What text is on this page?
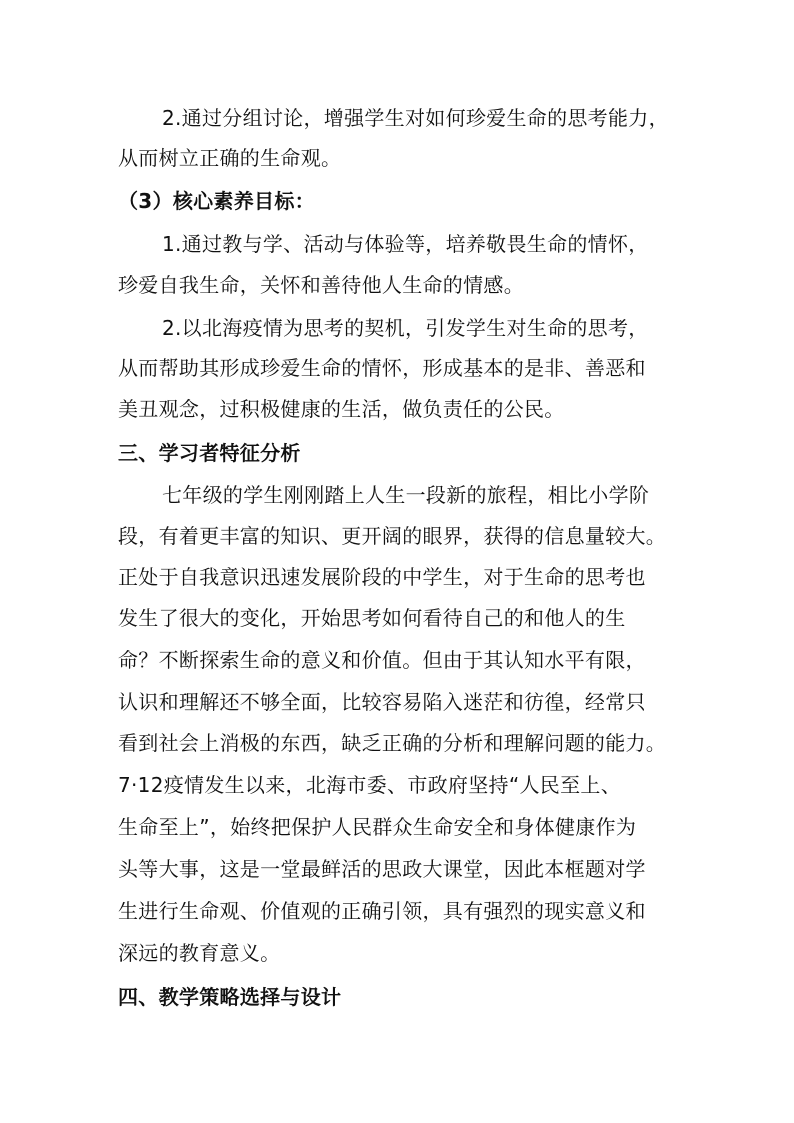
2.通过分组讨论，增强学生对如何珍爱生命的思考能力，
从而树立正确的生命观。
（3）核心素养目标：
1.通过教与学、活动与体验等，培养敬畏生命的情怀，
珍爱自我生命，关怀和善待他人生命的情感。
2.以北海疫情为思考的契机，引发学生对生命的思考，
从而帮助其形成珍爱生命的情怀，形成基本的是非、善恶和
美丑观念，过积极健康的生活，做负责任的公民。
三、学习者特征分析
七年级的学生刚刚踏上人生一段新的旅程，相比小学阶
段，有着更丰富的知识、更开阔的眼界，获得的信息量较大。
正处于自我意识迅速发展阶段的中学生，对于生命的思考也
发生了很大的变化，开始思考如何看待自己的和他人的生
命？不断探索生命的意义和价值。但由于其认知水平有限，
认识和理解还不够全面，比较容易陷入迷茫和彷徨，经常只
看到社会上消极的东西，缺乏正确的分析和理解问题的能力。
7·12疫情发生以来，北海市委、市政府坚持“人民至上、
生命至上”，始终把保护人民群众生命安全和身体健康作为
头等大事，这是一堂最鲜活的思政大课堂，因此本框题对学
生进行生命观、价值观的正确引领，具有强烈的现实意义和
深远的教育意义。
四、教学策略选择与设计
